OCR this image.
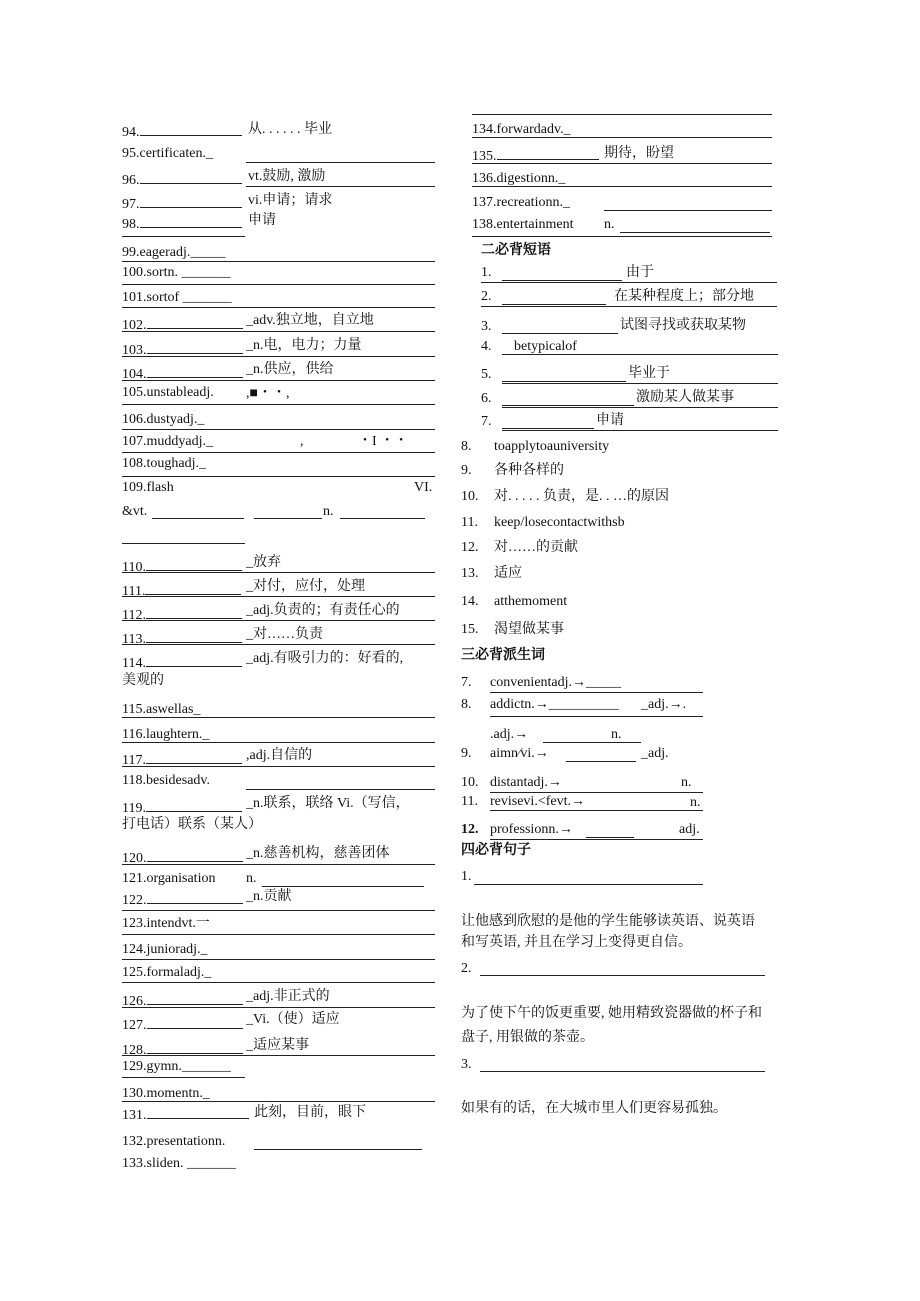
94.	从. . . . . . 毕业
95.certificaten._
96.	vt.鼓励, 激励
97.	vi.申请；请求
98.	申请
99.eageradj._____
100.sortn. _______
101.sortof _______
102.	_adv.独立地，自立地
103.	_n.电，电力；力量
104.	_n.供应，供给
105.unstableadj. ,■・・,
106.dustyadj._
107.muddyadj._	,	・I ・・
108.toughadj._
109.flash	VI.
&vt.	n.
110.	_放弃
111.	_对付，应付，处理
112.	_adj.负责的；有责任心的
113.	_对……负责
114.	_adj.有吸引力的：好看的,
美观的
115.aswellas_
116.laughtern._
117.	,adj.自信的
118.besidesadv.
119.	_n.联系，联络 Vi.（写信，
打电话）联系（某人）
120.	_n.慈善机构，慈善团体
121.organisation n.
122.	_n.贡献
123.intendvt.一
124.junioradj._
125.formaladj._
126.	_adj.非正式的
127.	_Vi.（使）适应
128.	_适应某事
129.gymn._______
130.momentn._
131.	此刻，目前，眼下
132.presentationn.
133.sliden. _______
134.forwardadv._
135.	期待，盼望
136.digestionn._
137.recreationn._
138.entertainment n.
二必背短语
1.	由于
2.	在某种程度上；部分地
3.	试图寻找或获取某物
4. betypicalof
5.	毕业于
6.	激励某人做某事
7.	申请
8. toapplytoauniversity
9. 各种各样的
10. 对. . . . . 负责，是. . …的原因
11. keep/losecontactwithsb
12. 对……的贡献
13. 适应
14. atthemoment
15. 渴望做某事
三必背派生词
7. convenientadj.→_____
8. addictn.→__________ _adj.→.
.adj.→	n.
9. aimn∕vi.→	_adj.
10. distantadj.→	n.
11. revisevi.<fevt.→	n.
12. professionn.→	adj.
四必背句子
1.
让他感到欣慰的是他的学生能够读英语、说英语
和写英语, 并且在学习上变得更自信。
2.
为了使下午的饭更重要, 她用精致瓷器做的杯子和
盘子, 用银做的茶壶。
3.
如果有的话，在大城市里人们更容易孤独。
